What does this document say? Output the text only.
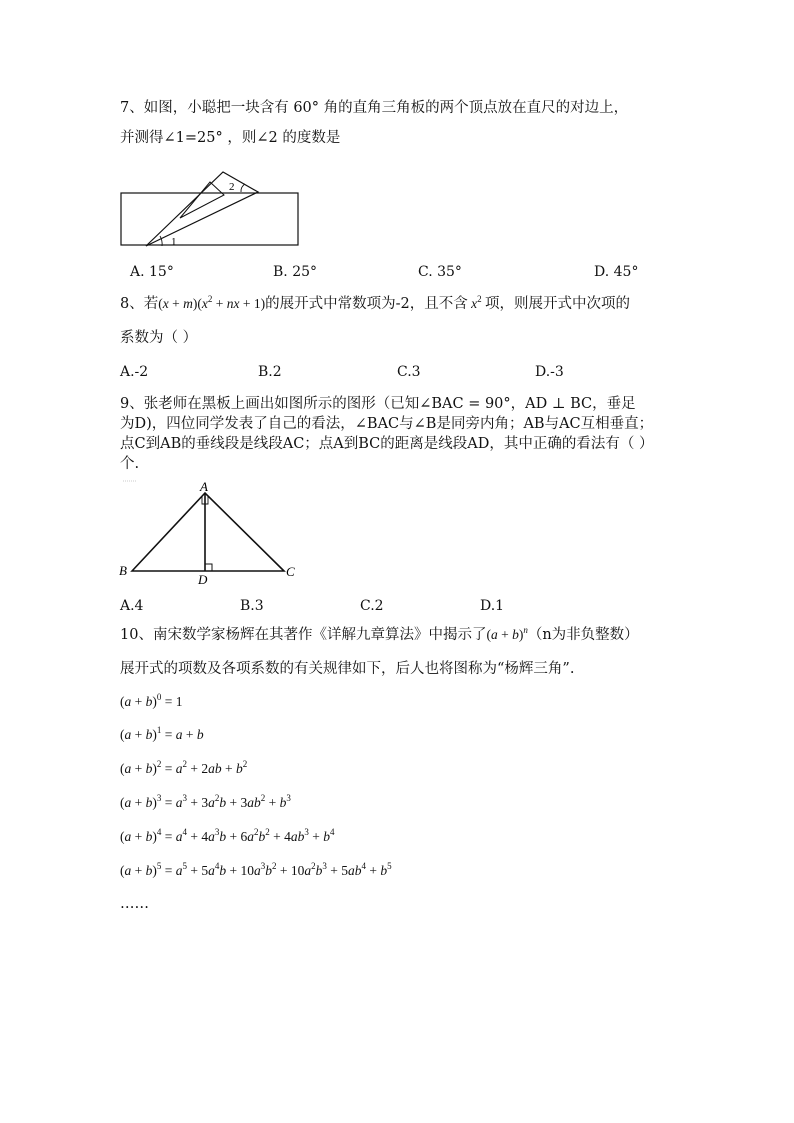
7、如图，小聪把一块含有 60° 角的直角三角板的两个顶点放在直尺的对边上，
并测得∠1=25° ，则∠2 的度数是
1
2
A. 15°	B. 25°	C. 35°	D. 45°
8、若$(x + m)(x^2$ + nx + 1)的展开式中常数项为-2，且不含 $x^2$ 项，则展开式中次项的
系数为（ ）
A.-2	B.2	C.3	D.-3
9、张老师在黑板上画出如图所示的图形（已知∠BAC = 90°，AD ⊥ BC，垂足
为D)，四位同学发表了自己的看法，∠BAC与∠B是同旁内角；AB与AC互相垂直；
点C到AB的垂线段是线段AC；点A到BC的距离是线段AD，其中正确的看法有（ ）
个.
A
B	C
D
A.4	B.3	C.2	D.1
10、南宋数学家杨辉在其著作《详解九章算法》中揭示了$(a + b)^n(n$为非负整数）
展开式的项数及各项系数的有关规律如下，后人也将图称为“杨辉三角”.
$(a + b)^0 = 1$
$(a + b)^1 = a + b$
$(a + b)^2 = a^2 + 2ab + b^2$
$(a + b)^3 = a^3 + 3a^2b + 3ab^2 + b^3$
$(a + b)^4 = a^4 + 4a^3b + 6a^2b^2 + 4ab^3 + b^4$
$(a + b)^5 = a^5 + 5a^4b + 10a^3b^2 + 10a^2b^3 + 5ab^4 + b^5$
……
